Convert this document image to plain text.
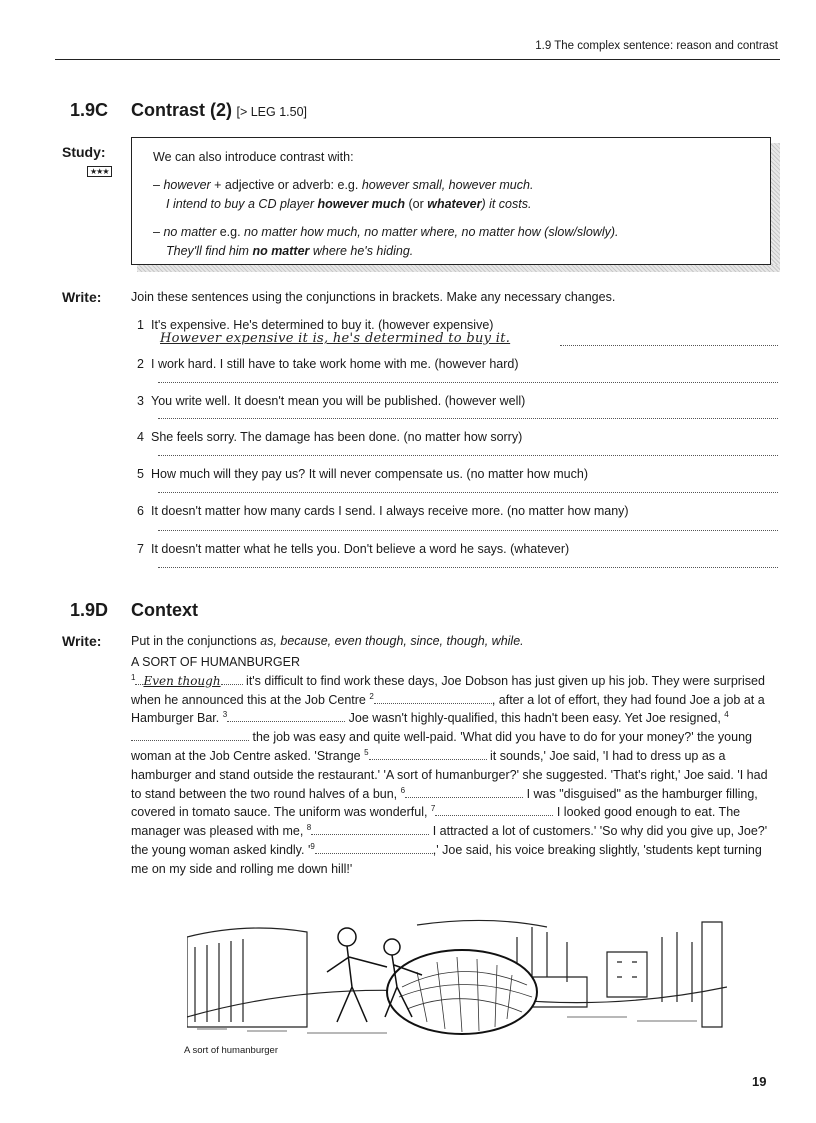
1.9 The complex sentence: reason and contrast
1.9C Contrast (2) [> LEG 1.50]
Study:
★★★
We can also introduce contrast with:
– however + adjective or adverb: e.g. however small, however much.
I intend to buy a CD player however much (or whatever) it costs.
– no matter e.g. no matter how much, no matter where, no matter how (slow/slowly).
They'll find him no matter where he's hiding.
Write: Join these sentences using the conjunctions in brackets. Make any necessary changes.
1 It's expensive. He's determined to buy it. (however expensive)
However expensive it is, he's determined to buy it.
2 I work hard. I still have to take work home with me. (however hard)
3 You write well. It doesn't mean you will be published. (however well)
4 She feels sorry. The damage has been done. (no matter how sorry)
5 How much will they pay us? It will never compensate us. (no matter how much)
6 It doesn't matter how many cards I send. I always receive more. (no matter how many)
7 It doesn't matter what he tells you. Don't believe a word he says. (whatever)
1.9D Context
Write: Put in the conjunctions as, because, even though, since, though, while.
A SORT OF HUMANBURGER
$^1$ Even though it's difficult to find work these days, Joe Dobson has just given up his job. They were surprised when he announced this at the Job Centre $^2$	, after a lot of effort, they had found Joe a job at a Hamburger Bar. $^3$	Joe wasn't highly-qualified, this hadn't been easy. Yet Joe resigned, $^4$ the job was easy and quite well-paid. 'What did you have to do for your money?' the young woman at the Job Centre asked. 'Strange $^5$	it sounds,' Joe said, 'I had to dress up as a hamburger and stand outside the restaurant.' 'A sort of humanburger?' she suggested. 'That's right,' Joe said. 'I had to stand between the two round halves of a bun, $^6$	I was "disguised" as the hamburger filling, covered in tomato sauce. The uniform was wonderful, $^7$	I looked good enough to eat. The manager was pleased with me, $^8$	I attracted a lot of customers.' 'So why did you give up, Joe?' the young woman asked kindly. '$^9$	,' Joe said, his voice breaking slightly, 'students kept turning me on my side and rolling me down hill!'
A sort of humanburger
19
